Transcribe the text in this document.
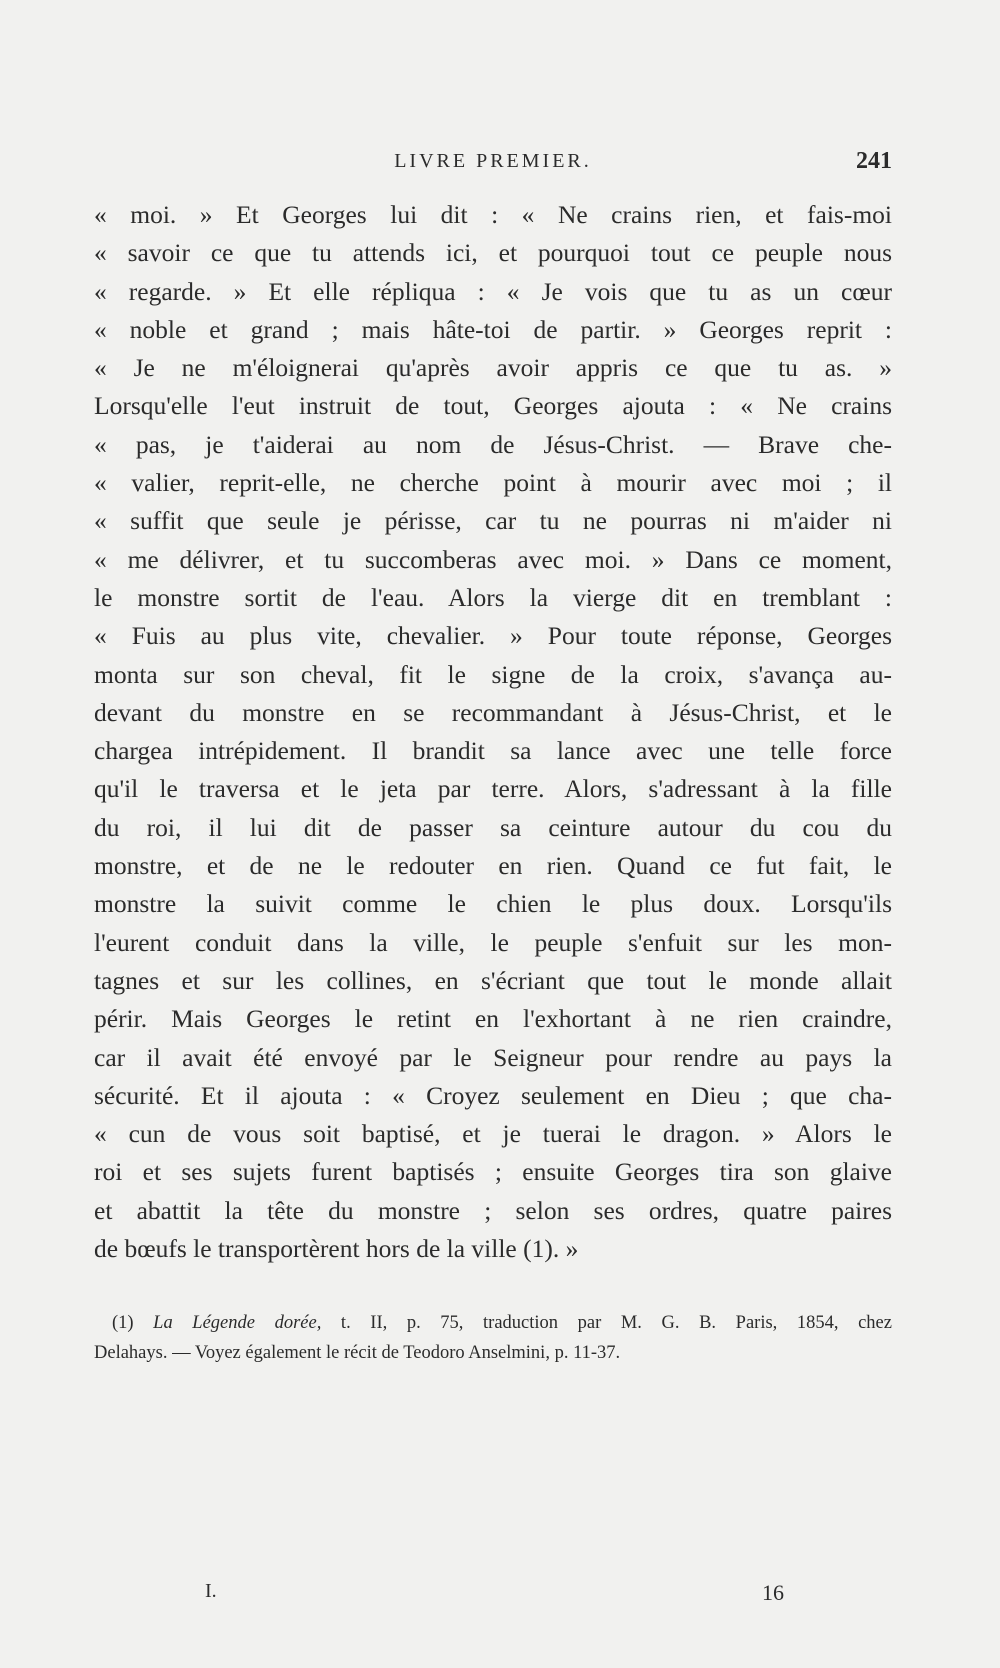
LIVRE PREMIER.	241
« moi. » Et Georges lui dit : « Ne crains rien, et fais-moi
« savoir ce que tu attends ici, et pourquoi tout ce peuple nous
« regarde. » Et elle répliqua : « Je vois que tu as un cœur
« noble et grand ; mais hâte-toi de partir. » Georges reprit :
« Je ne m'éloignerai qu'après avoir appris ce que tu as. »
Lorsqu'elle l'eut instruit de tout, Georges ajouta : « Ne crains
« pas, je t'aiderai au nom de Jésus-Christ. — Brave che-
« valier, reprit-elle, ne cherche point à mourir avec moi ; il
« suffit que seule je périsse, car tu ne pourras ni m'aider ni
« me délivrer, et tu succomberas avec moi. » Dans ce moment,
le monstre sortit de l'eau. Alors la vierge dit en tremblant :
« Fuis au plus vite, chevalier. » Pour toute réponse, Georges
monta sur son cheval, fit le signe de la croix, s'avança au-
devant du monstre en se recommandant à Jésus-Christ, et le
chargea intrépidement. Il brandit sa lance avec une telle force
qu'il le traversa et le jeta par terre. Alors, s'adressant à la fille
du roi, il lui dit de passer sa ceinture autour du cou du
monstre, et de ne le redouter en rien. Quand ce fut fait, le
monstre la suivit comme le chien le plus doux. Lorsqu'ils
l'eurent conduit dans la ville, le peuple s'enfuit sur les mon-
tagnes et sur les collines, en s'écriant que tout le monde allait
périr. Mais Georges le retint en l'exhortant à ne rien craindre,
car il avait été envoyé par le Seigneur pour rendre au pays la
sécurité. Et il ajouta : « Croyez seulement en Dieu ; que cha-
« cun de vous soit baptisé, et je tuerai le dragon. » Alors le
roi et ses sujets furent baptisés ; ensuite Georges tira son glaive
et abattit la tête du monstre ; selon ses ordres, quatre paires
de bœufs le transportèrent hors de la ville (1). »
(1) La Légende dorée, t. II, p. 75, traduction par M. G. B. Paris, 1854, chez
Delahays. — Voyez également le récit de Teodoro Anselmini, p. 11-37.
I.	16
